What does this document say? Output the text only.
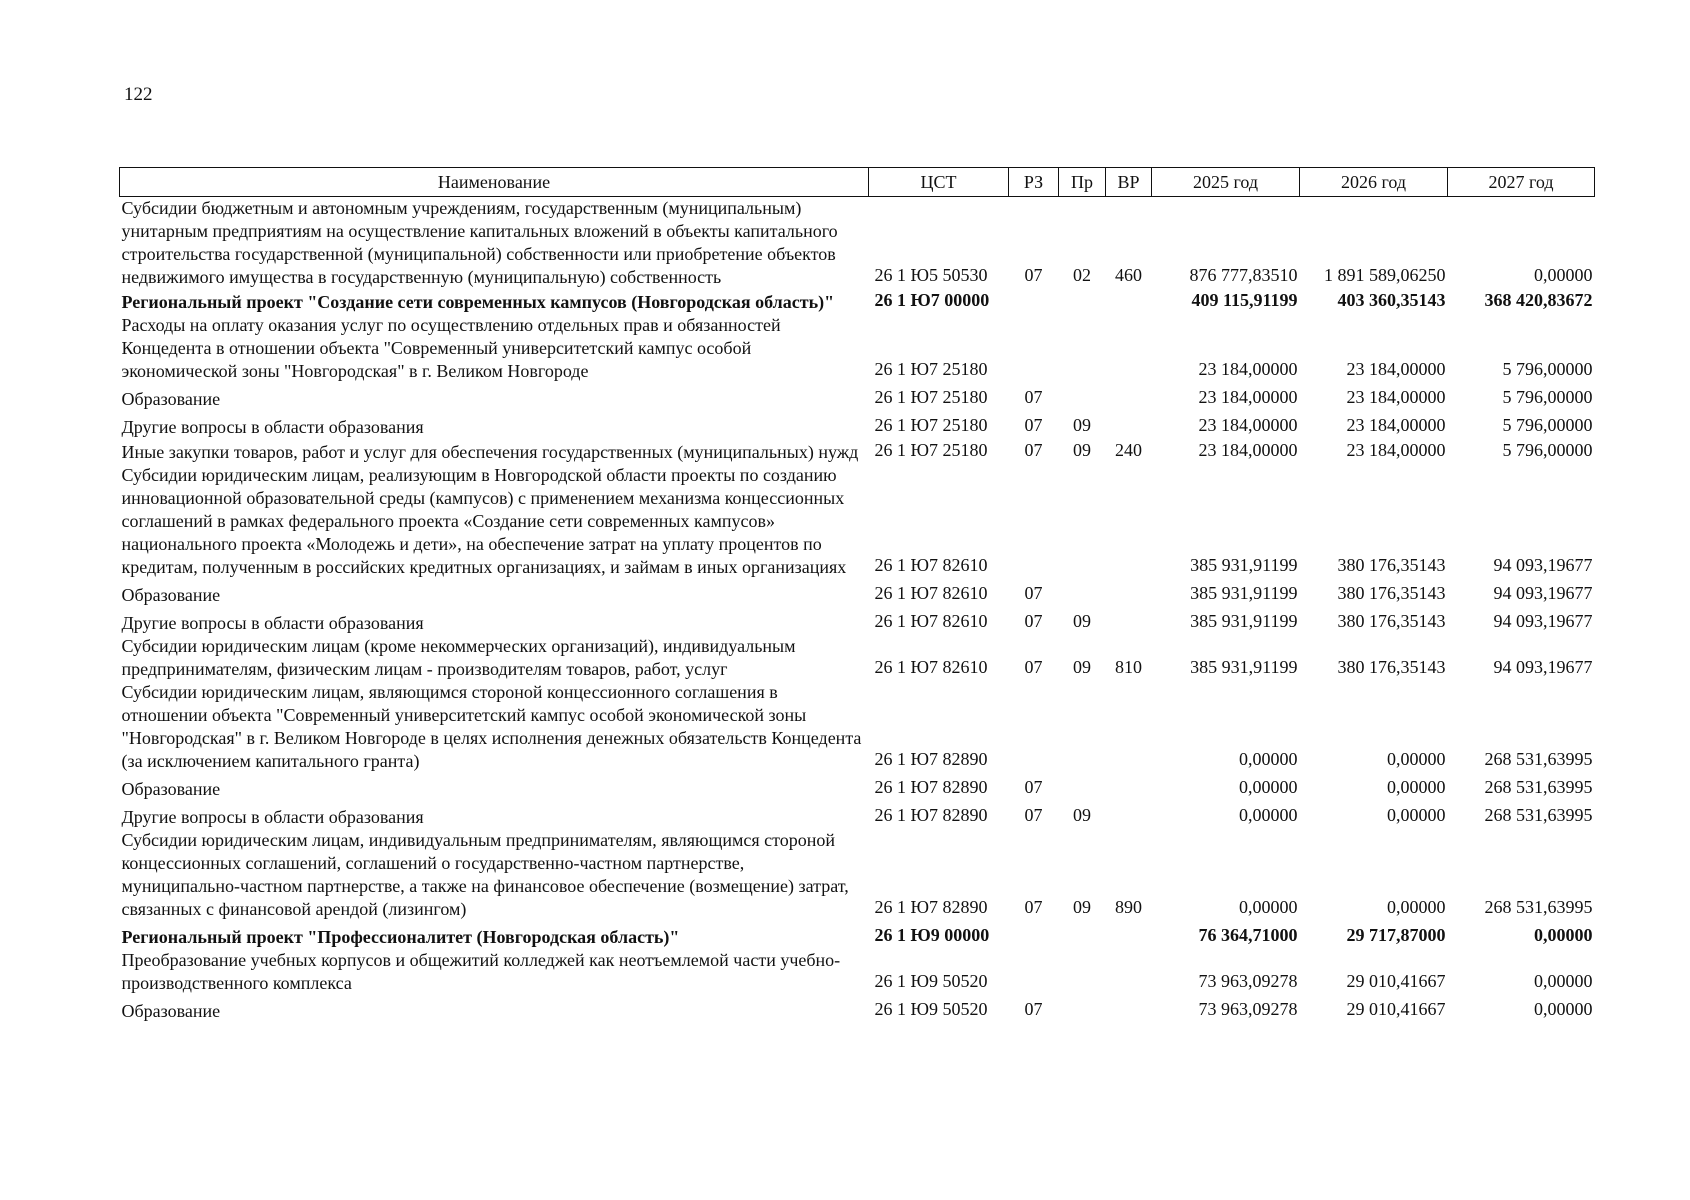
122
Наименование	ЦСТ	РЗ	Пр	ВР	2025 год	2026 год	2027 год
Субсидии бюджетным и автономным учреждениям, государственным (муниципальным) унитарным предприятиям на осуществление капитальных вложений в объекты капитального строительства государственной (муниципальной) собственности или приобретение объектов недвижимого имущества в государственную (муниципальную) собственность	26 1 Ю5 50530	07	02	460	876 777,83510	1 891 589,06250	0,00000
Региональный проект "Создание сети современных кампусов (Новгородская область)"	26 1 Ю7 00000				409 115,91199	403 360,35143	368 420,83672
Расходы на оплату оказания услуг по осуществлению отдельных прав и обязанностей Концедента в отношении объекта "Современный университетский кампус особой экономической зоны "Новгородская" в г. Великом Новгороде	26 1 Ю7 25180				23 184,00000	23 184,00000	5 796,00000
Образование	26 1 Ю7 25180	07			23 184,00000	23 184,00000	5 796,00000
Другие вопросы в области образования	26 1 Ю7 25180	07	09		23 184,00000	23 184,00000	5 796,00000
Иные закупки товаров, работ и услуг для обеспечения государственных (муниципальных) нужд	26 1 Ю7 25180	07	09	240	23 184,00000	23 184,00000	5 796,00000
Субсидии юридическим лицам, реализующим в Новгородской области проекты по созданию инновационной образовательной среды (кампусов) с применением механизма концессионных соглашений в рамках федерального проекта «Создание сети современных кампусов» национального проекта «Молодежь и дети», на обеспечение затрат на уплату процентов по кредитам, полученным в российских кредитных организациях, и займам в иных организациях	26 1 Ю7 82610				385 931,91199	380 176,35143	94 093,19677
Образование	26 1 Ю7 82610	07			385 931,91199	380 176,35143	94 093,19677
Другие вопросы в области образования	26 1 Ю7 82610	07	09		385 931,91199	380 176,35143	94 093,19677
Субсидии юридическим лицам (кроме некоммерческих организаций), индивидуальным предпринимателям, физическим лицам - производителям товаров, работ, услуг	26 1 Ю7 82610	07	09	810	385 931,91199	380 176,35143	94 093,19677
Субсидии юридическим лицам, являющимся стороной концессионного соглашения в отношении объекта "Современный университетский кампус особой экономической зоны "Новгородская" в г. Великом Новгороде в целях исполнения денежных обязательств Концедента (за исключением капитального гранта)	26 1 Ю7 82890				0,00000	0,00000	268 531,63995
Образование	26 1 Ю7 82890	07			0,00000	0,00000	268 531,63995
Другие вопросы в области образования	26 1 Ю7 82890	07	09		0,00000	0,00000	268 531,63995
Субсидии юридическим лицам, индивидуальным предпринимателям, являющимся стороной концессионных соглашений, соглашений о государственно-частном партнерстве, муниципально-частном партнерстве, а также на финансовое обеспечение (возмещение) затрат, связанных с финансовой арендой (лизингом)	26 1 Ю7 82890	07	09	890	0,00000	0,00000	268 531,63995
Региональный проект "Профессионалитет (Новгородская область)"	26 1 Ю9 00000				76 364,71000	29 717,87000	0,00000
Преобразование учебных корпусов и общежитий колледжей как неотъемлемой части учебно-производственного комплекса	26 1 Ю9 50520				73 963,09278	29 010,41667	0,00000
Образование	26 1 Ю9 50520	07			73 963,09278	29 010,41667	0,00000
